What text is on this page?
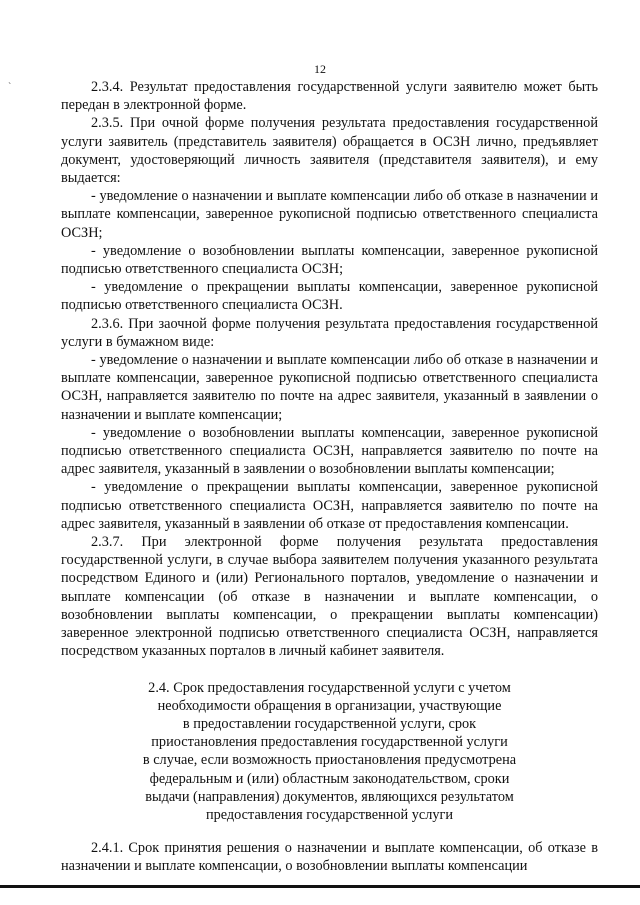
12
`	2.3.4. Результат предоставления государственной услуги заявителю может быть передан в электронной форме.

2.3.5. При очной форме получения результата предоставления государственной услуги заявитель (представитель заявителя) обращается в ОСЗН лично, предъявляет документ, удостоверяющий личность заявителя (представителя заявителя), и ему выдается:

- уведомление о назначении и выплате компенсации либо об отказе в назначении и выплате компенсации, заверенное рукописной подписью ответственного специалиста ОСЗН;

- уведомление о возобновлении выплаты компенсации, заверенное рукописной подписью ответственного специалиста ОСЗН;

- уведомление о прекращении выплаты компенсации, заверенное рукописной подписью ответственного специалиста ОСЗН.

2.3.6. При заочной форме получения результата предоставления государственной услуги в бумажном виде:

- уведомление о назначении и выплате компенсации либо об отказе в назначении и выплате компенсации, заверенное рукописной подписью ответственного специалиста ОСЗН, направляется заявителю по почте на адрес заявителя, указанный в заявлении о назначении и выплате компенсации;

- уведомление о возобновлении выплаты компенсации, заверенное рукописной подписью ответственного специалиста ОСЗН, направляется заявителю по почте на адрес заявителя, указанный в заявлении о возобновлении выплаты компенсации;

- уведомление о прекращении выплаты компенсации, заверенное рукописной подписью ответственного специалиста ОСЗН, направляется заявителю по почте на адрес заявителя, указанный в заявлении об отказе от предоставления компенсации.

2.3.7. При электронной форме получения результата предоставления государственной услуги, в случае выбора заявителем получения указанного результата посредством Единого и (или) Регионального порталов, уведомление о назначении и выплате компенсации (об отказе в назначении и выплате компенсации, о возобновлении выплаты компенсации, о прекращении выплаты компенсации) заверенное электронной подписью ответственного специалиста ОСЗН, направляется посредством указанных порталов в личный кабинет заявителя.

2.4. Срок предоставления государственной услуги с учетом
необходимости обращения в организации, участвующие
в предоставлении государственной услуги, срок
приостановления предоставления государственной услуги
в случае, если возможность приостановления предусмотрена
федеральным и (или) областным законодательством, сроки
выдачи (направления) документов, являющихся результатом
предоставления государственной услуги

2.4.1. Срок принятия решения о назначении и выплате компенсации, об отказе в назначении и выплате компенсации, о возобновлении выплаты компенсации
